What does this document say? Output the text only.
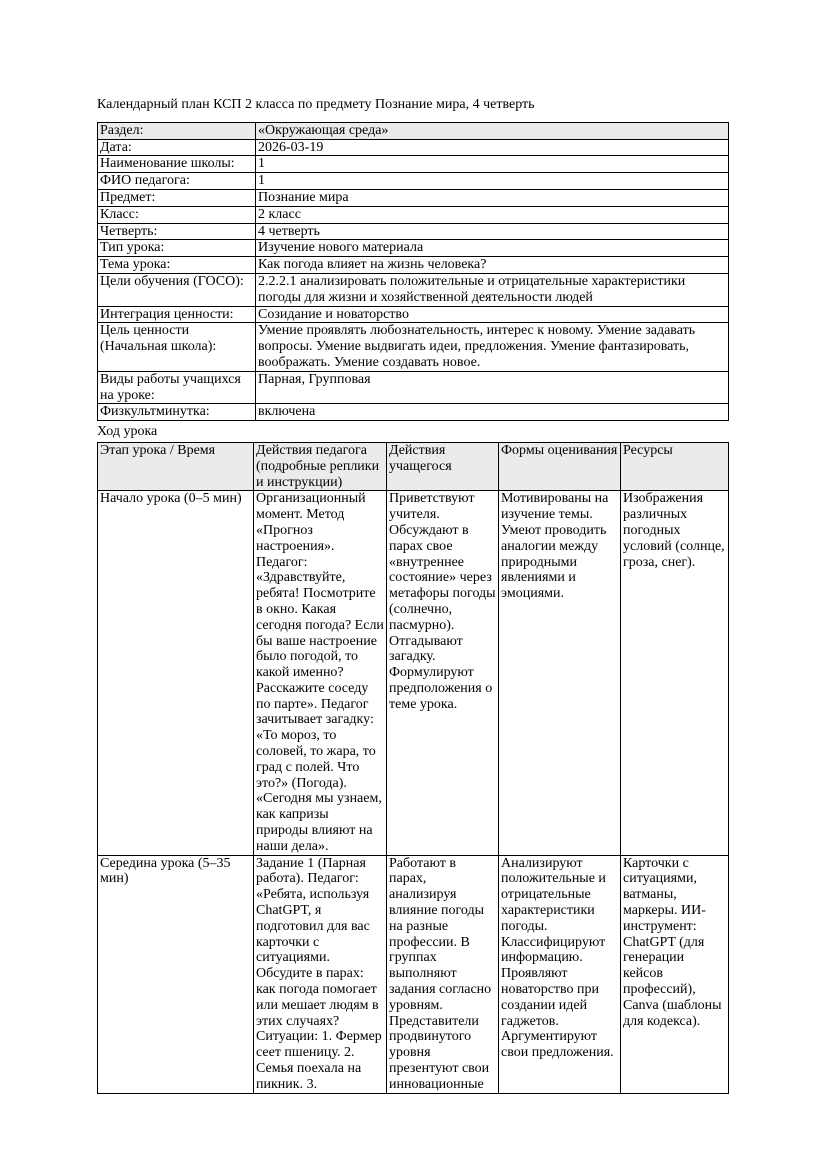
Календарный план КСП 2 класса по предмету Познание мира, 4 четверть

Раздел:	«Окружающая среда»
Дата:	2026-03-19
Наименование школы:	1
ФИО педагога:	1
Предмет:	Познание мира
Класс:	2 класс
Четверть:	4 четверть
Тип урока:	Изучение нового материала
Тема урока:	Как погода влияет на жизнь человека?
Цели обучения (ГОСО):	2.2.2.1 анализировать положительные и отрицательные характеристики погоды для жизни и хозяйственной деятельности людей
Интеграция ценности:	Созидание и новаторство
Цель ценности (Начальная школа):	Умение проявлять любознательность, интерес к новому. Умение задавать вопросы. Умение выдвигать идеи, предложения. Умение фантазировать, воображать. Умение создавать новое.
Виды работы учащихся на уроке:	Парная, Групповая
Физкультминутка:	включена

Ход урока

Этап урока / Время	Действия педагога (подробные реплики и инструкции)	Действия учащегося	Формы оценивания	Ресурсы
Начало урока (0–5 мин)	Организационный момент. Метод «Прогноз настроения». Педагог: «Здравствуйте, ребята! Посмотрите в окно. Какая сегодня погода? Если бы ваше настроение было погодой, то какой именно? Расскажите соседу по парте». Педагог зачитывает загадку: «То мороз, то соловей, то жара, то град с полей. Что это?» (Погода). «Сегодня мы узнаем, как капризы природы влияют на наши дела».	Приветствуют учителя. Обсуждают в парах свое «внутреннее состояние» через метафоры погоды (солнечно, пасмурно). Отгадывают загадку. Формулируют предположения о теме урока.	Мотивированы на изучение темы. Умеют проводить аналогии между природными явлениями и эмоциями.	Изображения различных погодных условий (солнце, гроза, снег).
Середина урока (5–35 мин)	Задание 1 (Парная работа). Педагог: «Ребята, используя ChatGPT, я подготовил для вас карточки с ситуациями. Обсудите в парах: как погода помогает или мешает людям в этих случаях? Ситуации: 1. Фермер сеет пшеницу. 2. Семья поехала на пикник. 3.	Работают в парах, анализируя влияние погоды на разные профессии. В группах выполняют задания согласно уровням. Представители продвинутого уровня презентуют свои инновационные	Анализируют положительные и отрицательные характеристики погоды. Классифицируют информацию. Проявляют новаторство при создании идей гаджетов. Аргументируют свои предложения.	Карточки с ситуациями, ватманы, маркеры. ИИ-инструмент: ChatGPT (для генерации кейсов профессий), Canva (шаблоны для кодекса).
